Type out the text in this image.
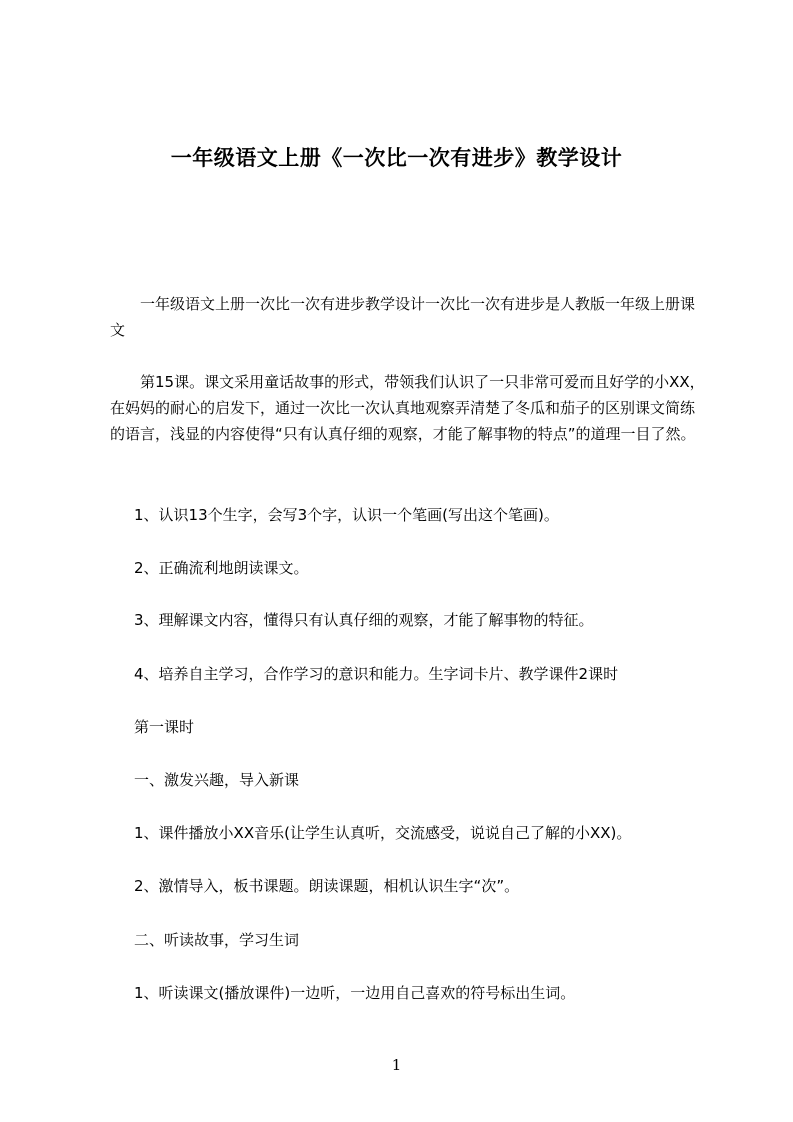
一年级语文上册《一次比一次有进步》教学设计

一年级语文上册一次比一次有进步教学设计一次比一次有进步是人教版一年级上册课文

第15课。课文采用童话故事的形式，带领我们认识了一只非常可爱而且好学的小XX，在妈妈的耐心的启发下，通过一次比一次认真地观察弄清楚了冬瓜和茄子的区别课文简练的语言，浅显的内容使得“只有认真仔细的观察，才能了解事物的特点”的道理一目了然。

1、认识13个生字，会写3个字，认识一个笔画(写出这个笔画)。

2、正确流利地朗读课文。

3、理解课文内容，懂得只有认真仔细的观察，才能了解事物的特征。

4、培养自主学习，合作学习的意识和能力。生字词卡片、教学课件2课时

第一课时

一、激发兴趣，导入新课

1、课件播放小XX音乐(让学生认真听，交流感受，说说自己了解的小XX)。

2、激情导入，板书课题。朗读课题，相机认识生字“次”。

二、听读故事，学习生词

1、听读课文(播放课件)一边听，一边用自己喜欢的符号标出生词。

1
